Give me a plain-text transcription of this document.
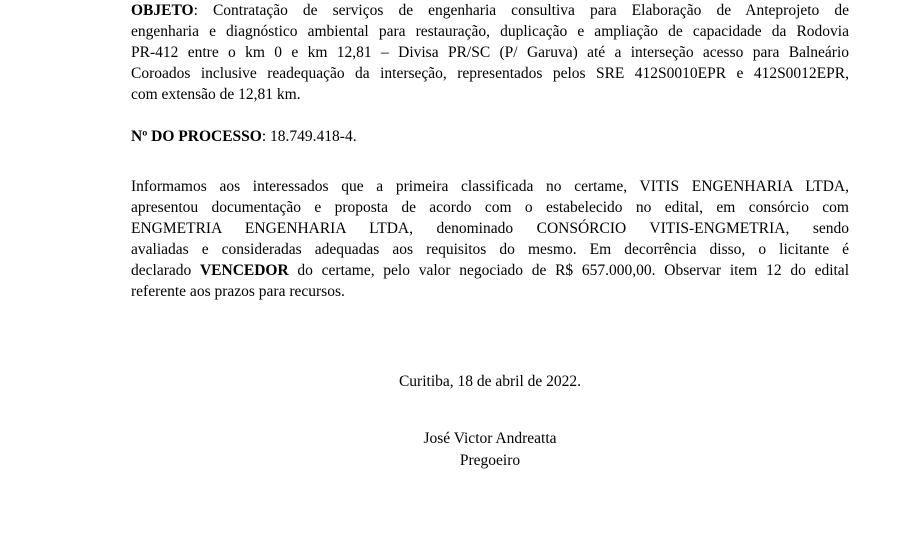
OBJETO: Contratação de serviços de engenharia consultiva para Elaboração de Anteprojeto de
engenharia e diagnóstico ambiental para restauração, duplicação e ampliação de capacidade da Rodovia
PR-412 entre o km 0 e km 12,81 – Divisa PR/SC (P/ Garuva) até a interseção acesso para Balneário
Coroados inclusive readequação da interseção, representados pelos SRE 412S0010EPR e 412S0012EPR,
com extensão de 12,81 km.
Nº DO PROCESSO: 18.749.418-4.
Informamos aos interessados que a primeira classificada no certame, VITIS ENGENHARIA LTDA,
apresentou documentação e proposta de acordo com o estabelecido no edital, em consórcio com
ENGMETRIA ENGENHARIA LTDA, denominado CONSÓRCIO VITIS-ENGMETRIA, sendo
avaliadas e consideradas adequadas aos requisitos do mesmo. Em decorrência disso, o licitante é
declarado VENCEDOR do certame, pelo valor negociado de R$ 657.000,00. Observar item 12 do edital
referente aos prazos para recursos.
Curitiba, 18 de abril de 2022.
José Victor Andreatta
Pregoeiro
